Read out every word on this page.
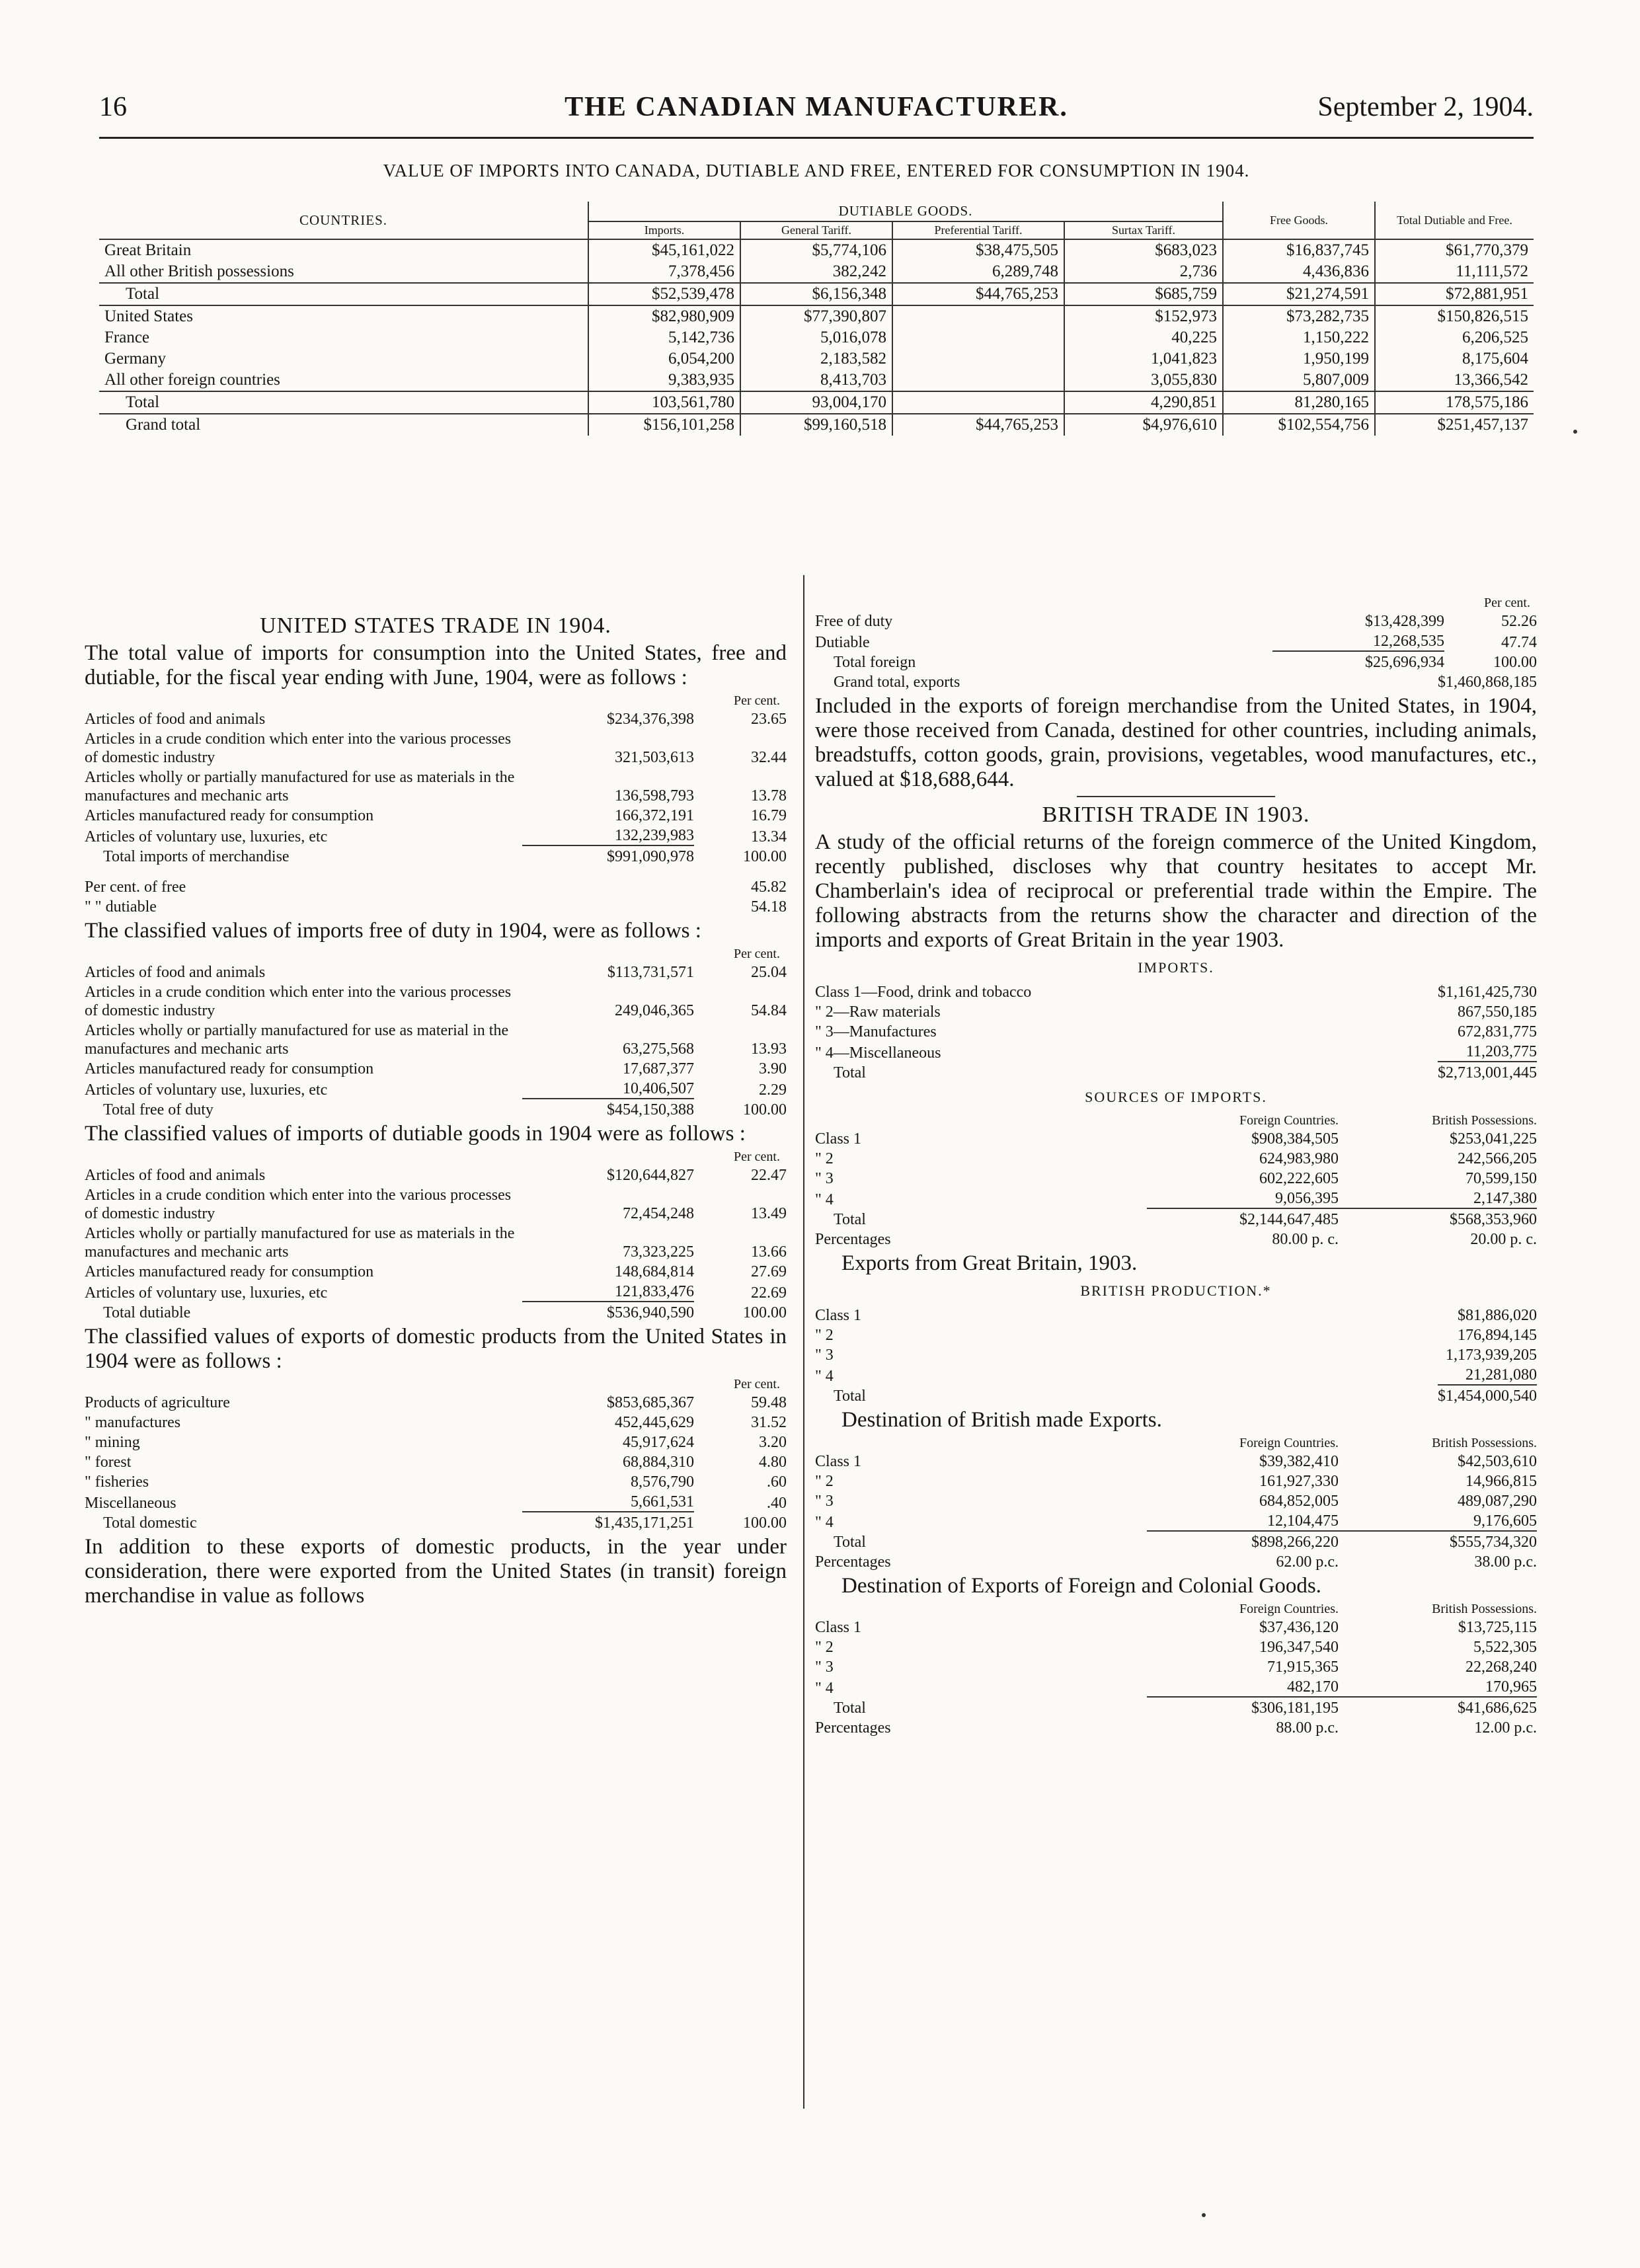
16	THE CANADIAN MANUFACTURER.	September 2, 1904.
VALUE OF IMPORTS INTO CANADA, DUTIABLE AND FREE, ENTERED FOR CONSUMPTION IN 1904.
COUNTRIES.	DUTIABLE GOODS.				Free Goods.	Total Dutiable and Free.
	Imports.	General Tariff.	Preferential Tariff.	Surtax Tariff.		
Great Britain	$45,161,022	$5,774,106	$38,475,505	$683,023	$16,837,745	$61,770,379
All other British possessions	7,378,456	382,242	6,289,748	2,736	4,436,836	11,111,572
Total	$52,539,478	$6,156,348	$44,765,253	$685,759	$21,274,591	$72,881,951
United States	$82,980,909	$77,390,807		$152,973	$73,282,735	$150,826,515
France	5,142,736	5,016,078		40,225	1,150,222	6,206,525
Germany	6,054,200	2,183,582		1,041,823	1,950,199	8,175,604
All other foreign countries	9,383,935	8,413,703		3,055,830	5,807,009	13,366,542
Total	103,561,780	93,004,170		4,290,851	81,280,165	178,575,186
Grand total	$156,101,258	$99,160,518	$44,765,253	$4,976,610	$102,554,756	$251,457,137
UNITED STATES TRADE IN 1904.
The total value of imports for consumption into the United States, free and dutiable, for the fiscal year ending with June, 1904, were as follows :
Per cent.
Articles of food and animals	$234,376,398	23.65
Articles in a crude condition which enter into the various processes of domestic industry	321,503,613	32.44
Articles wholly or partially manufactured for use as materials in the manufactures and mechanic arts	136,598,793	13.78
Articles manufactured ready for consumption	166,372,191	16.79
Articles of voluntary use, luxuries, etc	132,239,983	13.34
Total imports of merchandise	$991,090,978	100.00
Per cent. of free	45.82
" " dutiable	54.18
The classified values of imports free of duty in 1904, were as follows :
Per cent.
Articles of food and animals	$113,731,571	25.04
Articles in a crude condition which enter into the various processes of domestic industry	249,046,365	54.84
Articles wholly or partially manufactured for use as material in the manufactures and mechanic arts	63,275,568	13.93
Articles manufactured ready for consumption	17,687,377	3.90
Articles of voluntary use, luxuries, etc	10,406,507	2.29
Total free of duty	$454,150,388	100.00
The classified values of imports of dutiable goods in 1904 were as follows :
Per cent.
Articles of food and animals	$120,644,827	22.47
Articles in a crude condition which enter into the various processes of domestic industry	72,454,248	13.49
Articles wholly or partially manufactured for use as materials in the manufactures and mechanic arts	73,323,225	13.66
Articles manufactured ready for consumption	148,684,814	27.69
Articles of voluntary use, luxuries, etc	121,833,476	22.69
Total dutiable	$536,940,590	100.00
The classified values of exports of domestic products from the United States in 1904 were as follows :
Per cent.
Products of agriculture	$853,685,367	59.48
" manufactures	452,445,629	31.52
" mining	45,917,624	3.20
" forest	68,884,310	4.80
" fisheries	8,576,790	.60
Miscellaneous	5,661,531	.40
Total domestic	$1,435,171,251	100.00
In addition to these exports of domestic products, in the year under consideration, there were exported from the United States (in transit) foreign merchandise in value as follows
Per cent.
Free of duty	$13,428,399	52.26
Dutiable	12,268,535	47.74
Total foreign	$25,696,934	100.00
Grand total, exports	$1,460,868,185
Included in the exports of foreign merchandise from the United States, in 1904, were those received from Canada, destined for other countries, including animals, breadstuffs, cotton goods, grain, provisions, vegetables, wood manufactures, etc., valued at $18,688,644.
BRITISH TRADE IN 1903.
A study of the official returns of the foreign commerce of the United Kingdom, recently published, discloses why that country hesitates to accept Mr. Chamberlain's idea of reciprocal or preferential trade within the Empire. The following abstracts from the returns show the character and direction of the imports and exports of Great Britain in the year 1903.
IMPORTS.
Class 1—Food, drink and tobacco	$1,161,425,730
" 2—Raw materials	867,550,185
" 3—Manufactures	672,831,775
" 4—Miscellaneous	11,203,775
Total	$2,713,001,445
SOURCES OF IMPORTS.
Foreign Countries.	British Possessions.
Class 1	$908,384,505	$253,041,225
" 2	624,983,980	242,566,205
" 3	602,222,605	70,599,150
" 4	9,056,395	2,147,380
Total	$2,144,647,485	$568,353,960
Percentages	80.00 p. c.	20.00 p. c.
Exports from Great Britain, 1903.
BRITISH PRODUCTION.*
Class 1	$81,886,020
" 2	176,894,145
" 3	1,173,939,205
" 4	21,281,080
Total	$1,454,000,540
Destination of British made Exports.
Foreign Countries.	British Possessions.
Class 1	$39,382,410	$42,503,610
" 2	161,927,330	14,966,815
" 3	684,852,005	489,087,290
" 4	12,104,475	9,176,605
Total	$898,266,220	$555,734,320
Percentages	62.00 p.c.	38.00 p.c.
Destination of Exports of Foreign and Colonial Goods.
Foreign Countries.	British Possessions.
Class 1	$37,436,120	$13,725,115
" 2	196,347,540	5,522,305
" 3	71,915,365	22,268,240
" 4	482,170	170,965
Total	$306,181,195	$41,686,625
Percentages	88.00 p.c.	12.00 p.c.
